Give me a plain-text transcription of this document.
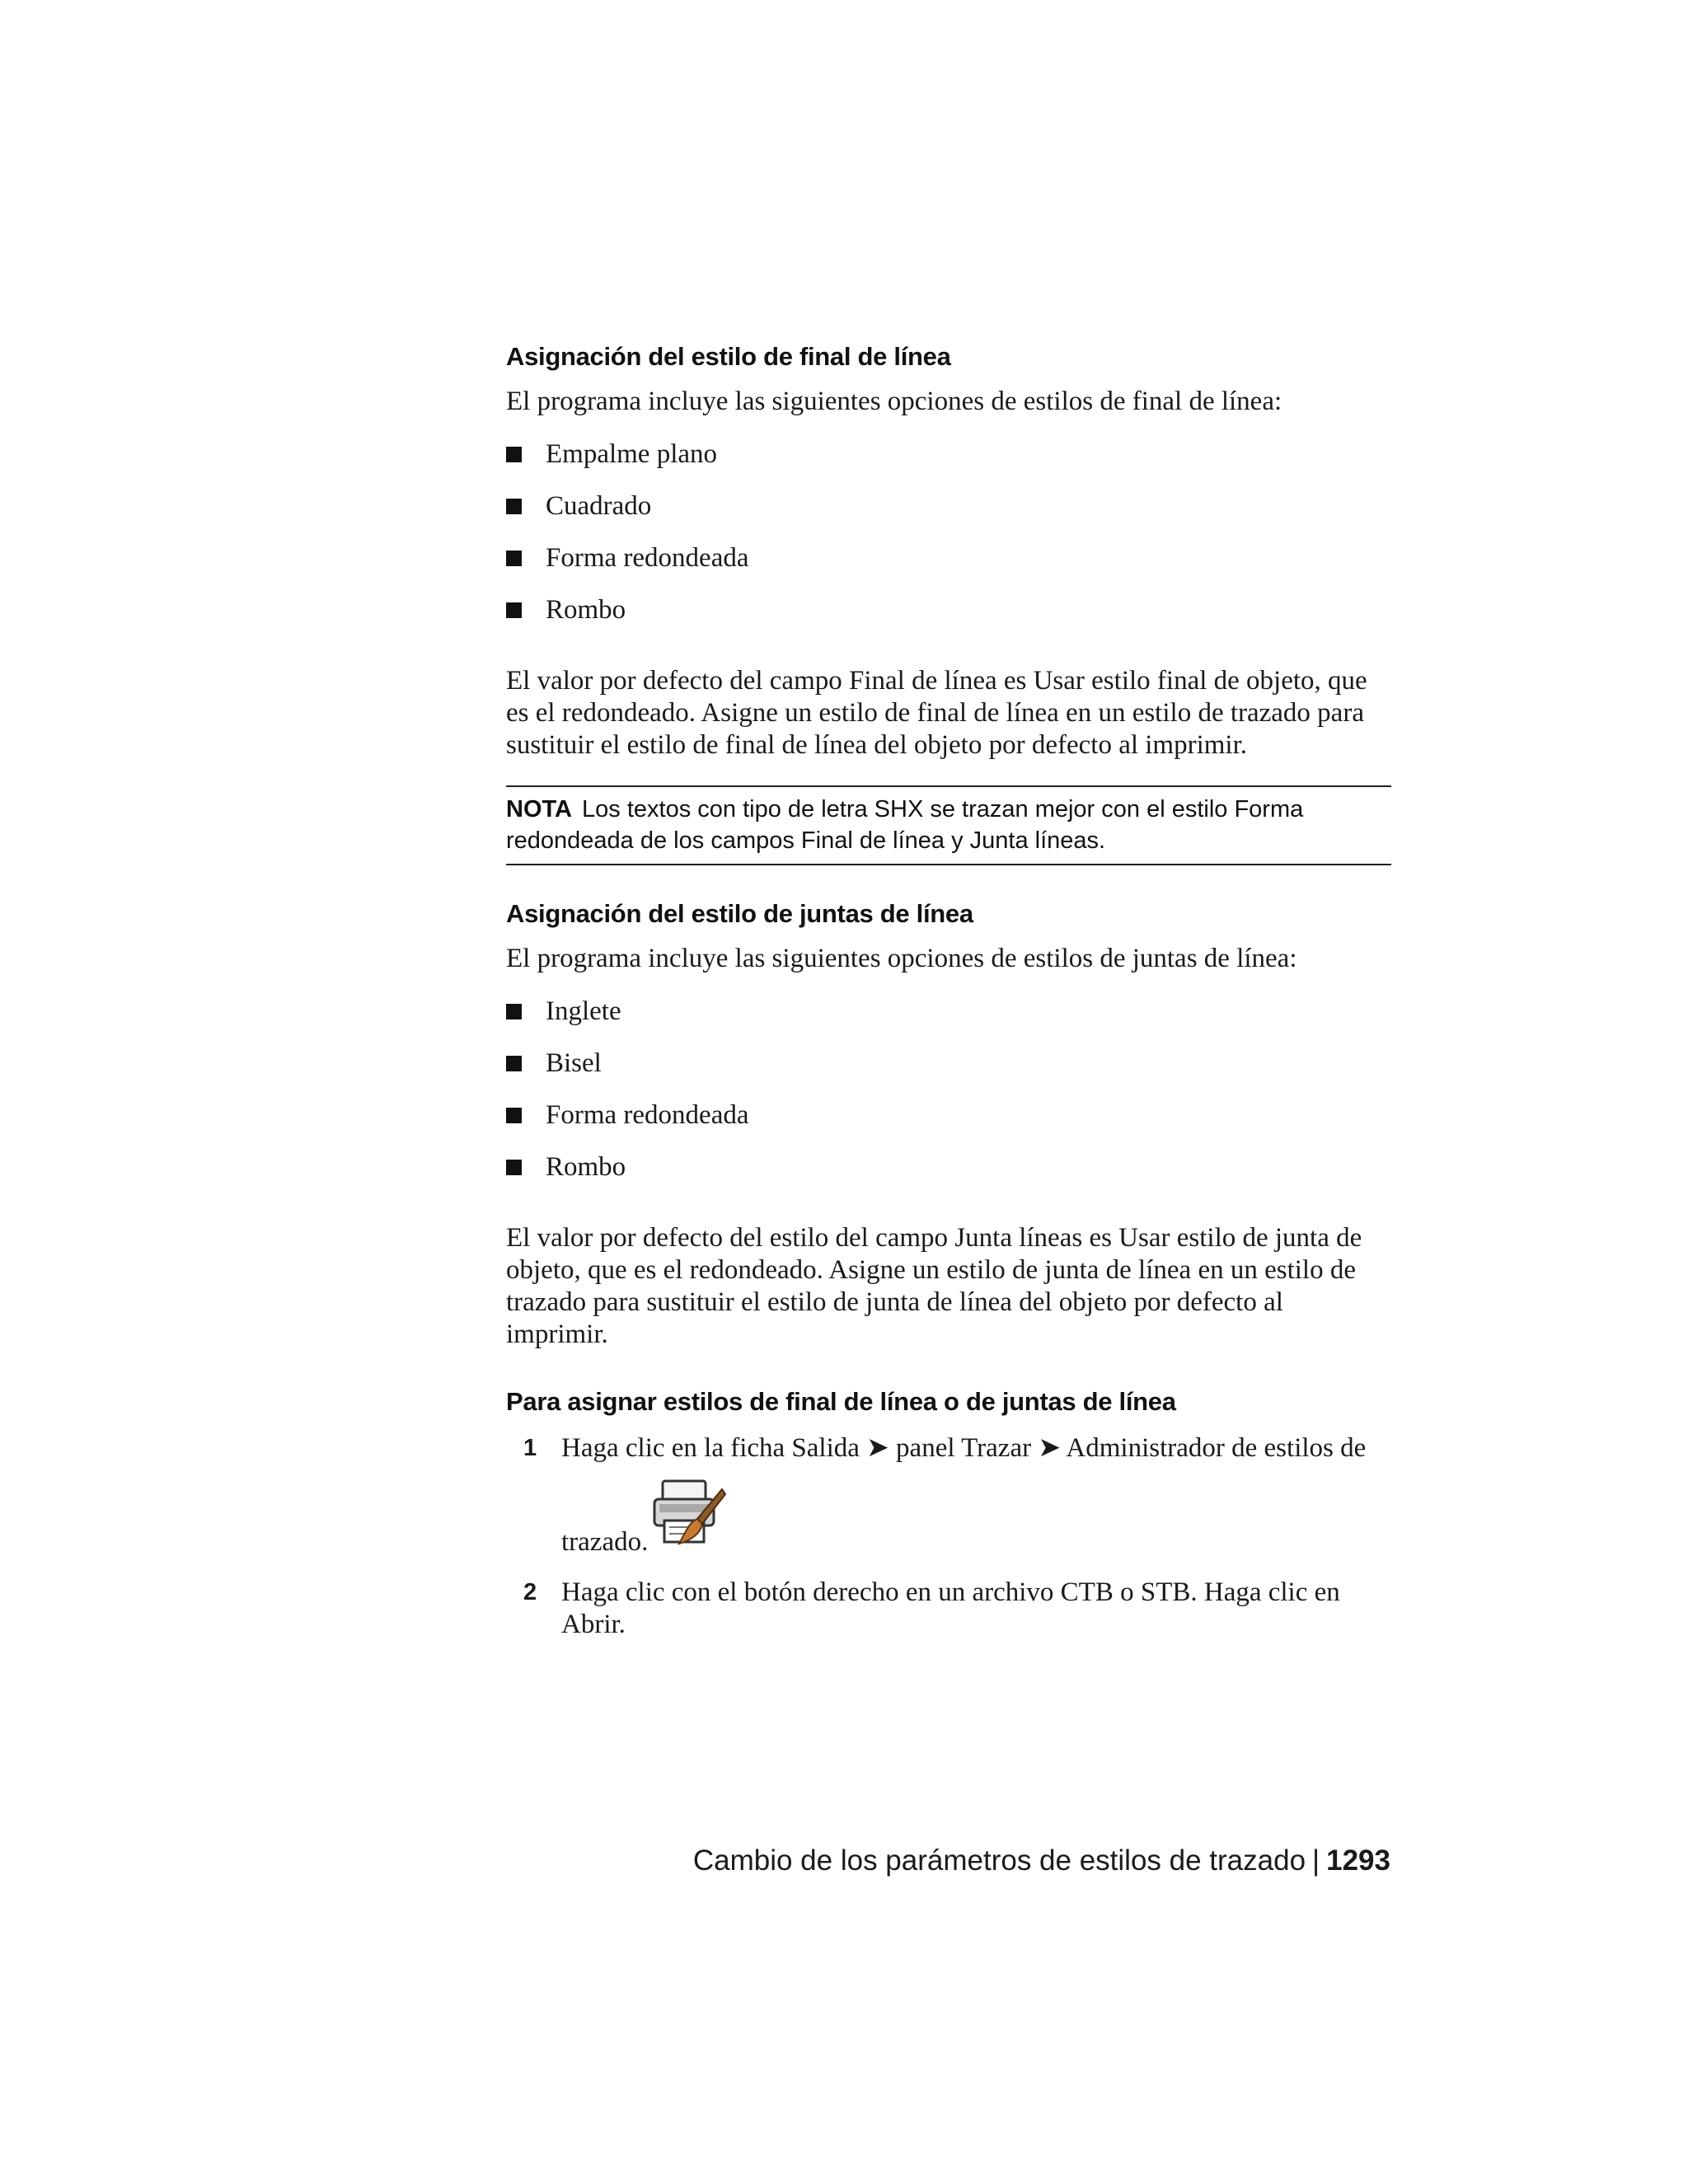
Asignación del estilo de final de línea
El programa incluye las siguientes opciones de estilos de final de línea:
Empalme plano
Cuadrado
Forma redondeada
Rombo
El valor por defecto del campo Final de línea es Usar estilo final de objeto, que es el redondeado. Asigne un estilo de final de línea en un estilo de trazado para sustituir el estilo de final de línea del objeto por defecto al imprimir.
NOTA Los textos con tipo de letra SHX se trazan mejor con el estilo Forma redondeada de los campos Final de línea y Junta líneas.
Asignación del estilo de juntas de línea
El programa incluye las siguientes opciones de estilos de juntas de línea:
Inglete
Bisel
Forma redondeada
Rombo
El valor por defecto del estilo del campo Junta líneas es Usar estilo de junta de objeto, que es el redondeado. Asigne un estilo de junta de línea en un estilo de trazado para sustituir el estilo de junta de línea del objeto por defecto al imprimir.
Para asignar estilos de final de línea o de juntas de línea
1 Haga clic en la ficha Salida ➤ panel Trazar ➤ Administrador de estilos de
trazado.
2 Haga clic con el botón derecho en un archivo CTB o STB. Haga clic en Abrir.
Cambio de los parámetros de estilos de trazado | 1293
